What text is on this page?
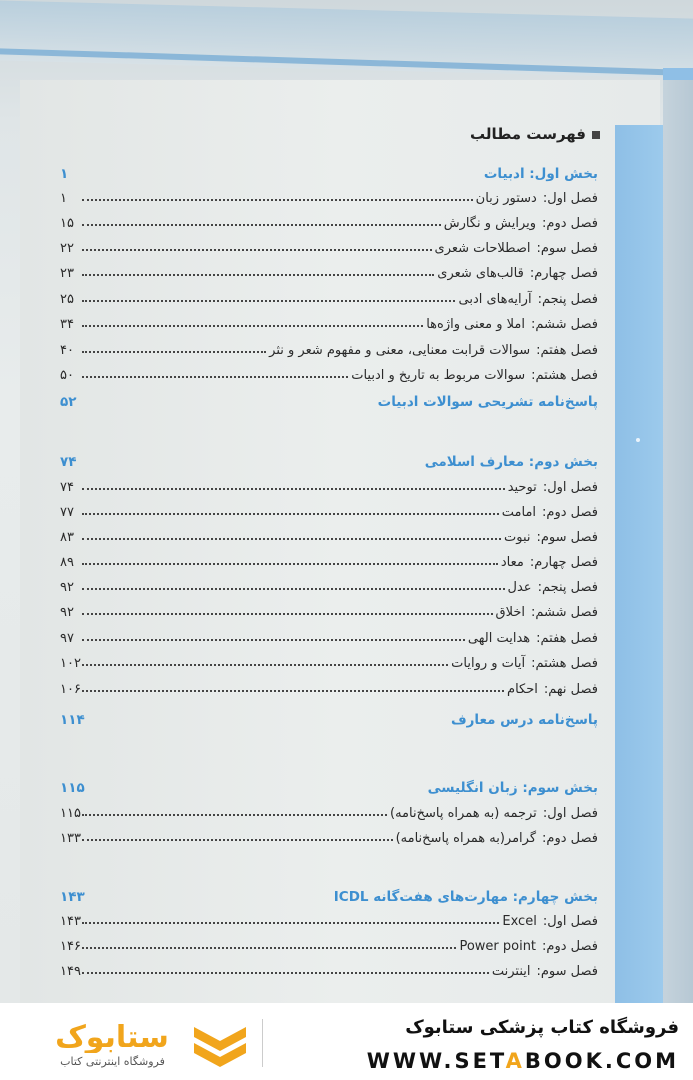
فهرست مطالب
بخش اول: ادبیات
۱
فصل اول:
دستور زبان
۱
فصل دوم:
ویرایش و نگارش
۱۵
فصل سوم:
اصطلاحات شعری
۲۲
فصل چهارم:
قالب‌های شعری
۲۳
فصل پنجم:
آرایه‌های ادبی
۲۵
فصل ششم:
املا و معنی واژه‌ها
۳۴
فصل هفتم:
سوالات قرابت معنایی، معنی و مفهوم شعر و نثر
۴۰
فصل هشتم:
سوالات مربوط به تاریخ و ادبیات
۵۰
پاسخ‌نامه تشریحی سوالات ادبیات
۵۲
بخش دوم: معارف اسلامی
۷۴
فصل اول:
توحید
۷۴
فصل دوم:
امامت
۷۷
فصل سوم:
نبوت
۸۳
فصل چهارم:
معاد
۸۹
فصل پنجم:
عدل
۹۲
فصل ششم:
اخلاق
۹۲
فصل هفتم:
هدایت الهی
۹۷
فصل هشتم:
آیات و روایات
۱۰۲
فصل نهم:
احکام
۱۰۶
پاسخ‌نامه درس معارف
۱۱۴
بخش سوم: زبان انگلیسی
۱۱۵
فصل اول:
ترجمه (به همراه پاسخ‌نامه)
۱۱۵
فصل دوم:
گرامر(به همراه پاسخ‌نامه)
۱۳۳
بخش چهارم: مهارت‌های هفت‌گانه ICDL
۱۴۳
فصل اول:
Excel
۱۴۳
فصل دوم:
Power point
۱۴۶
فصل سوم:
اینترنت
۱۴۹
ستابوک
فروشگاه اینترنتی کتاب
فروشگاه کتاب پزشکی ستابوک
WWW.SETABOOK.COM
